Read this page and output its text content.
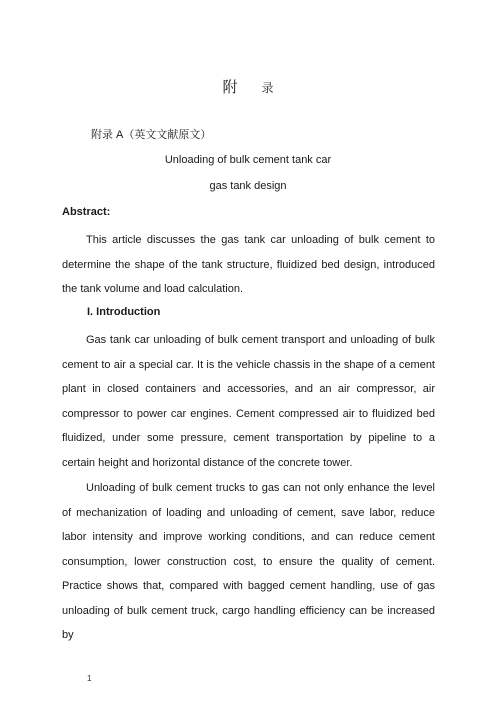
附 录
附录 A（英文文献原文）
Unloading of bulk cement tank car
gas tank design
Abstract:

This article discusses the gas tank car unloading of bulk cement to determine the shape of the tank structure, fluidized bed design, introduced the tank volume and load calculation.

I. Introduction

Gas tank car unloading of bulk cement transport and unloading of bulk cement to air a special car. It is the vehicle chassis in the shape of a cement plant in closed containers and accessories, and an air compressor, air compressor to power car engines. Cement compressed air to fluidized bed fluidized, under some pressure, cement transportation by pipeline to a certain height and horizontal distance of the concrete tower.

Unloading of bulk cement trucks to gas can not only enhance the level of mechanization of loading and unloading of cement, save labor, reduce labor intensity and improve working conditions, and can reduce cement consumption, lower construction cost, to ensure the quality of cement. Practice shows that, compared with bagged cement handling, use of gas unloading of bulk cement truck, cargo handling efficiency can be increased by

1
